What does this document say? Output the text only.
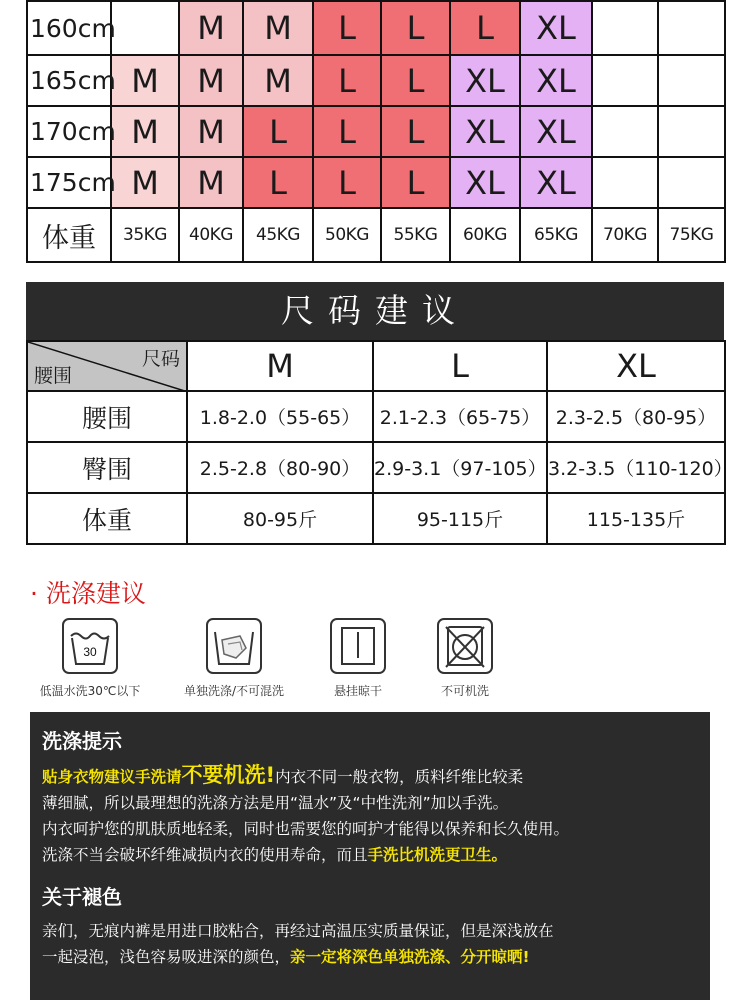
160cm		M	M	L	L	L	XL		
165cm	M	M	M	L	L	XL	XL		
170cm	M	M	L	L	L	XL	XL		
175cm	M	M	L	L	L	XL	XL		
体重	35KG	40KG	45KG	50KG	55KG	60KG	65KG	70KG	75KG
尺码建议
尺码
腰围	M	L	XL
腰围	1.8-2.0（55-65）	2.1-2.3（65-75）	2.3-2.5（80-95）
臀围	2.5-2.8（80-90）	2.9-3.1（97-105）	3.2-3.5（110-120）
体重	80-95斤	95-115斤	115-135斤
· 洗涤建议
30
低温水洗30℃以下	单独洗涤/不可混洗	悬挂晾干	不可机洗
洗涤提示
贴身衣物建议手洗请不要机洗!内衣不同一般衣物，质料纤维比较柔
薄细腻，所以最理想的洗涤方法是用“温水”及“中性洗剂”加以手洗。
内衣呵护您的肌肤质地轻柔，同时也需要您的呵护才能得以保养和长久使用。
洗涤不当会破坏纤维减损内衣的使用寿命，而且手洗比机洗更卫生。
关于褪色
亲们，无痕内裤是用进口胶粘合，再经过高温压实质量保证，但是深浅放在
一起浸泡，浅色容易吸进深的颜色，亲一定将深色单独洗涤、分开晾晒!
